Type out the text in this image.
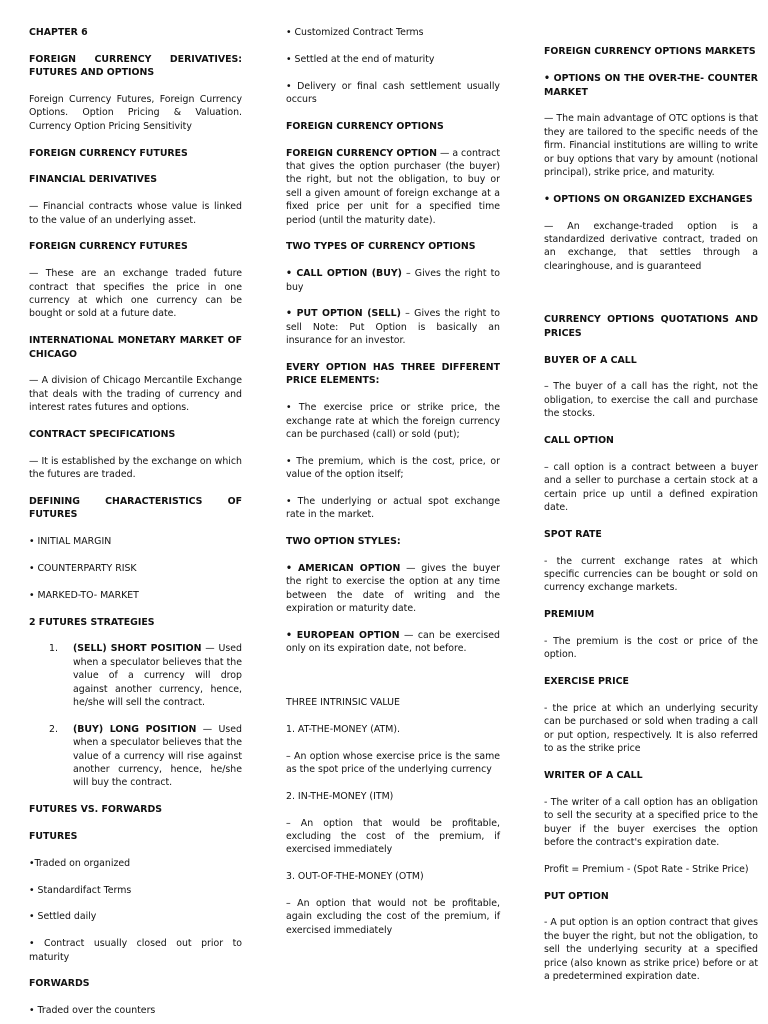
CHAPTER 6

FOREIGN CURRENCY DERIVATIVES: FUTURES AND OPTIONS

Foreign Currency Futures, Foreign Currency Options. Option Pricing & Valuation. Currency Option Pricing Sensitivity

FOREIGN CURRENCY FUTURES

FINANCIAL DERIVATIVES

— Financial contracts whose value is linked to the value of an underlying asset.

FOREIGN CURRENCY FUTURES

— These are an exchange traded future contract that specifies the price in one currency at which one currency can be bought or sold at a future date.

INTERNATIONAL MONETARY MARKET OF CHICAGO

— A division of Chicago Mercantile Exchange that deals with the trading of currency and interest rates futures and options.

CONTRACT SPECIFICATIONS

— It is established by the exchange on which the futures are traded.

DEFINING CHARACTERISTICS OF FUTURES

• INITIAL MARGIN

• COUNTERPARTY RISK

• MARKED-TO- MARKET

2 FUTURES STRATEGIES

1.	(SELL) SHORT POSITION — Used when a speculator believes that the value of a currency will drop against another currency, hence, he/she will sell the contract.
2.	(BUY) LONG POSITION — Used when a speculator believes that the value of a currency will rise against another currency, hence, he/she will buy the contract.

FUTURES VS. FORWARDS

FUTURES

•Traded on organized

• Standardifact Terms

• Settled daily

• Contract usually closed out prior to maturity

FORWARDS

• Traded over the counters

• Customized Contract Terms

• Settled at the end of maturity

• Delivery or final cash settlement usually occurs

FOREIGN CURRENCY OPTIONS

FOREIGN CURRENCY OPTION — a contract that gives the option purchaser (the buyer) the right, but not the obligation, to buy or sell a given amount of foreign exchange at a fixed price per unit for a specified time period (until the maturity date).

TWO TYPES OF CURRENCY OPTIONS

• CALL OPTION (BUY) – Gives the right to buy

• PUT OPTION (SELL) – Gives the right to sell Note: Put Option is basically an insurance for an investor.

EVERY OPTION HAS THREE DIFFERENT PRICE ELEMENTS:

• The exercise price or strike price, the exchange rate at which the foreign currency can be purchased (call) or sold (put);

• The premium, which is the cost, price, or value of the option itself;

• The underlying or actual spot exchange rate in the market.

TWO OPTION STYLES:

• AMERICAN OPTION — gives the buyer the right to exercise the option at any time between the date of writing and the expiration or maturity date.

• EUROPEAN OPTION — can be exercised only on its expiration date, not before.

THREE INTRINSIC VALUE

1. AT-THE-MONEY (ATM).

– An option whose exercise price is the same as the spot price of the underlying currency

2. IN-THE-MONEY (ITM)

– An option that would be profitable, excluding the cost of the premium, if exercised immediately

3. OUT-OF-THE-MONEY (OTM)

– An option that would not be profitable, again excluding the cost of the premium, if exercised immediately

FOREIGN CURRENCY OPTIONS MARKETS

• OPTIONS ON THE OVER-THE- COUNTER MARKET

— The main advantage of OTC options is that they are tailored to the specific needs of the firm. Financial institutions are willing to write or buy options that vary by amount (notional principal), strike price, and maturity.

• OPTIONS ON ORGANIZED EXCHANGES

— An exchange-traded option is a standardized derivative contract, traded on an exchange, that settles through a clearinghouse, and is guaranteed

CURRENCY OPTIONS QUOTATIONS AND PRICES

BUYER OF A CALL

– The buyer of a call has the right, not the obligation, to exercise the call and purchase the stocks.

CALL OPTION

– call option is a contract between a buyer and a seller to purchase a certain stock at a certain price up until a defined expiration date.

SPOT RATE

- the current exchange rates at which specific currencies can be bought or sold on currency exchange markets.

PREMIUM

- The premium is the cost or price of the option.

EXERCISE PRICE

- the price at which an underlying security can be purchased or sold when trading a call or put option, respectively. It is also referred to as the strike price

WRITER OF A CALL

- The writer of a call option has an obligation to sell the security at a specified price to the buyer if the buyer exercises the option before the contract's expiration date.

Profit = Premium - (Spot Rate - Strike Price)

PUT OPTION

- A put option is an option contract that gives the buyer the right, but not the obligation, to sell the underlying security at a specified price (also known as strike price) before or at a predetermined expiration date.
